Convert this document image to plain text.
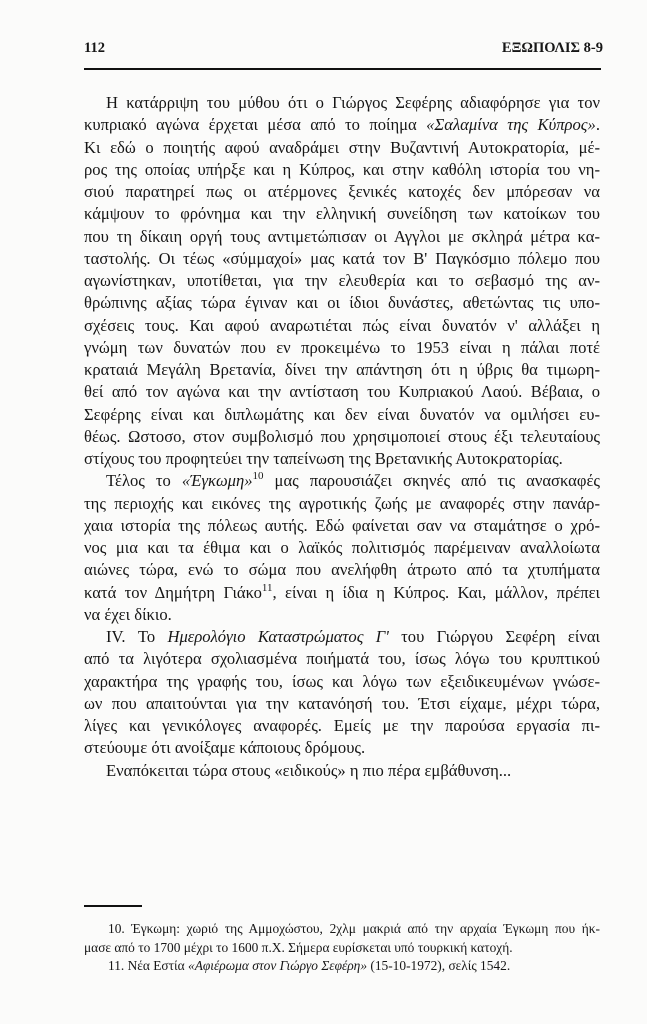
112	ΕΞΩΠΟΛΙΣ 8-9
Η κατάρριψη του μύθου ότι ο Γιώργος Σεφέρης αδιαφόρησε για τον
κυπριακό αγώνα έρχεται μέσα από το ποίημα «Σαλαμίνα της Κύπρος».
Κι εδώ ο ποιητής αφού αναδράμει στην Βυζαντινή Αυτοκρατορία, μέ-
ρος της οποίας υπήρξε και η Κύπρος, και στην καθόλη ιστορία του νη-
σιού παρατηρεί πως οι ατέρμονες ξενικές κατοχές δεν μπόρεσαν να
κάμψουν το φρόνημα και την ελληνική συνείδηση των κατοίκων του
που τη δίκαιη οργή τους αντιμετώπισαν οι Αγγλοι με σκληρά μέτρα κα-
ταστολής. Οι τέως «σύμμαχοί» μας κατά τον Β' Παγκόσμιο πόλεμο που
αγωνίστηκαν, υποτίθεται, για την ελευθερία και το σεβασμό της αν-
θρώπινης αξίας τώρα έγιναν και οι ίδιοι δυνάστες, αθετώντας τις υπο-
σχέσεις τους. Και αφού αναρωτιέται πώς είναι δυνατόν ν' αλλάξει η
γνώμη των δυνατών που εν προκειμένω το 1953 είναι η πάλαι ποτέ
κραταιά Μεγάλη Βρετανία, δίνει την απάντηση ότι η ύβρις θα τιμωρη-
θεί από τον αγώνα και την αντίσταση του Κυπριακού Λαού. Βέβαια, ο
Σεφέρης είναι και διπλωμάτης και δεν είναι δυνατόν να ομιλήσει ευ-
θέως. Ωστοσο, στον συμβολισμό που χρησιμοποιεί στους έξι τελευταίους
στίχους του προφητεύει την ταπείνωση της Βρετανικής Αυτοκρατορίας.
Τέλος το «Έγκωμη»$^{10}$ μας παρουσιάζει σκηνές από τις ανασκαφές
της περιοχής και εικόνες της αγροτικής ζωής με αναφορές στην πανάρ-
χαια ιστορία της πόλεως αυτής. Εδώ φαίνεται σαν να σταμάτησε ο χρό-
νος μια και τα έθιμα και ο λαϊκός πολιτισμός παρέμειναν αναλλοίωτα
αιώνες τώρα, ενώ το σώμα που ανελήφθη άτρωτο από τα χτυπήματα
κατά τον Δημήτρη Γιάκο$^{11}$, είναι η ίδια η Κύπρος. Και, μάλλον, πρέπει
να έχει δίκιο.
IV. Το Ημερολόγιο Καταστρώματος Γ' του Γιώργου Σεφέρη είναι
από τα λιγότερα σχολιασμένα ποιήματά του, ίσως λόγω του κρυπτικού
χαρακτήρα της γραφής του, ίσως και λόγω των εξειδικευμένων γνώσε-
ων που απαιτούνται για την κατανόησή του. Έτσι είχαμε, μέχρι τώρα,
λίγες και γενικόλογες αναφορές. Εμείς με την παρούσα εργασία πι-
στεύουμε ότι ανοίξαμε κάποιους δρόμους.
Εναπόκειται τώρα στους «ειδικούς» η πιο πέρα εμβάθυνση...
10. Έγκωμη: χωριό της Αμμοχώστου, 2χλμ μακριά από την αρχαία Έγκωμη που ήκ-
μασε από το 1700 μέχρι το 1600 π.Χ. Σήμερα ευρίσκεται υπό τουρκική κατοχή.
11. Νέα Εστία «Αφιέρωμα στον Γιώργο Σεφέρη» (15-10-1972), σελίς 1542.
